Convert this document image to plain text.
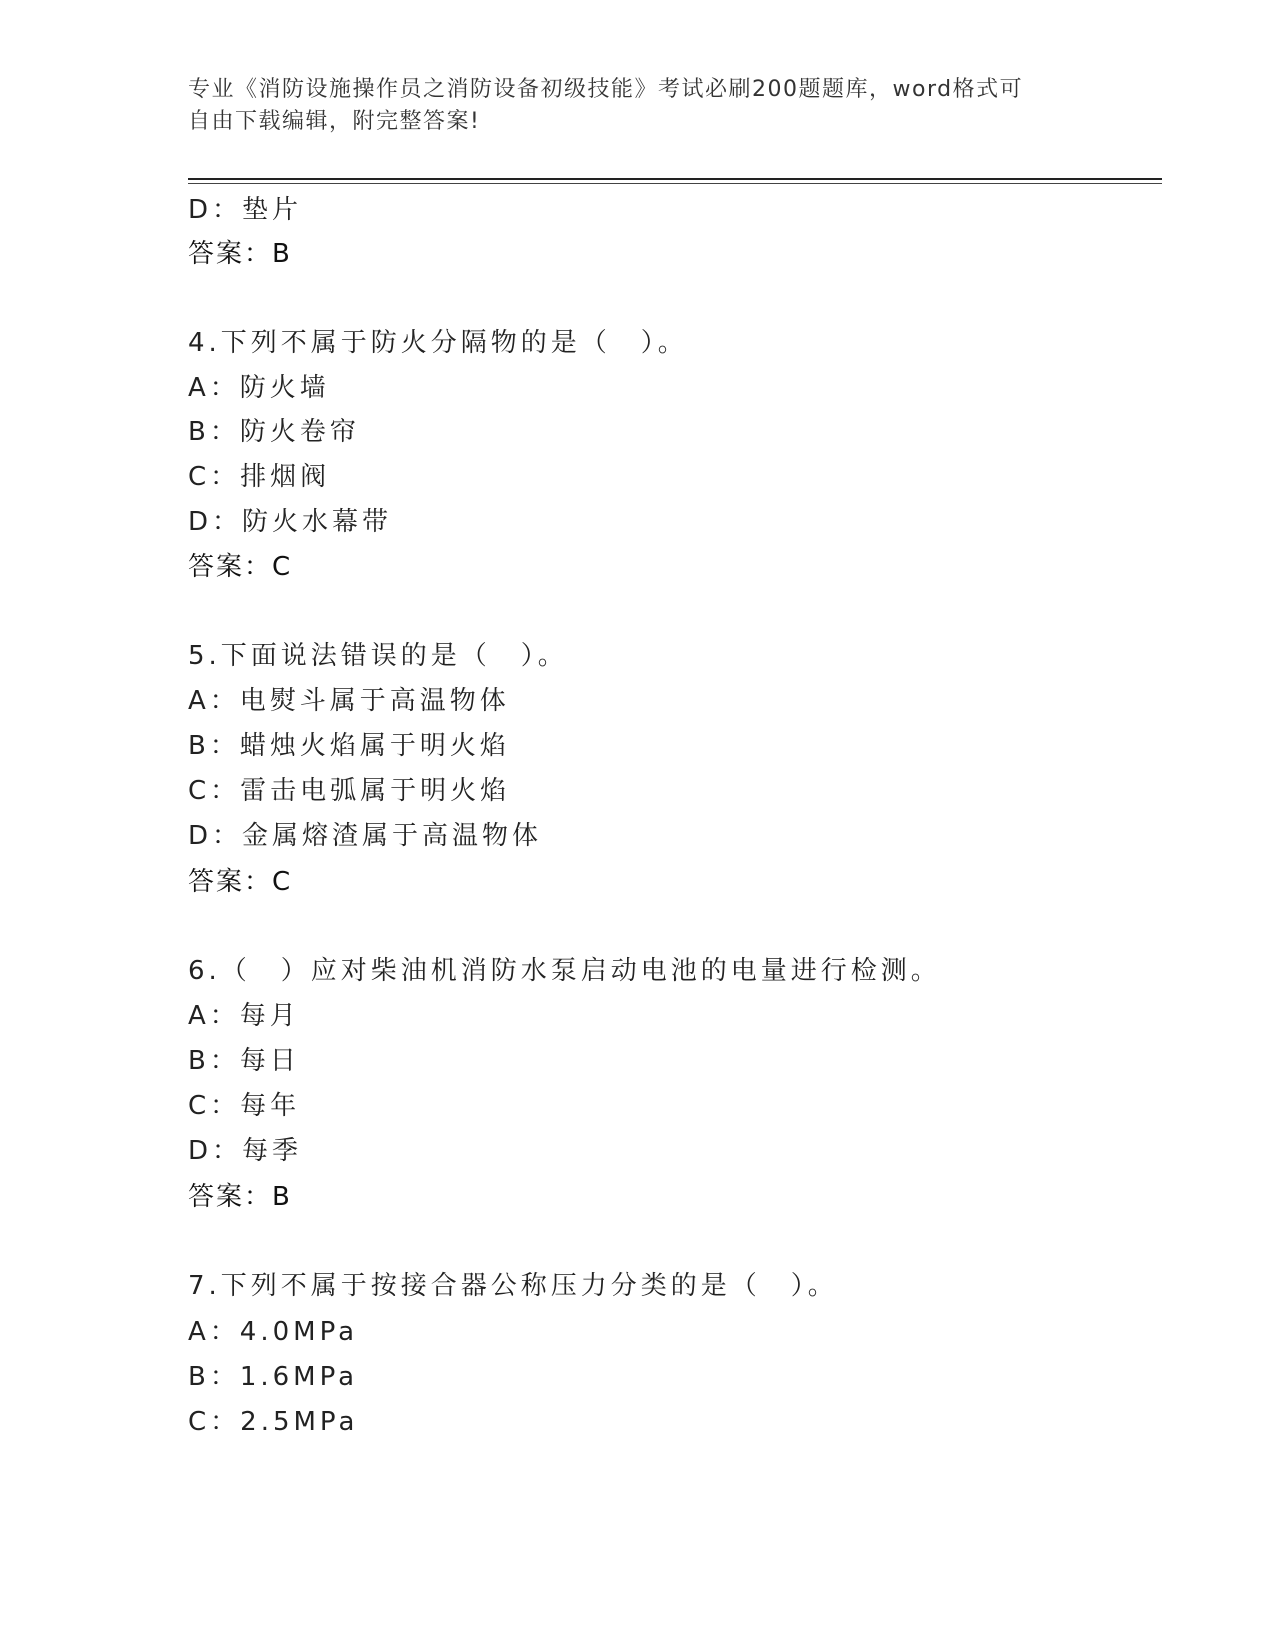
专业《消防设施操作员之消防设备初级技能》考试必刷200题题库，word格式可
自由下载编辑，附完整答案!
D：垫片
答案：B
4.下列不属于防火分隔物的是（　）。
A：防火墙
B：防火卷帘
C：排烟阀
D：防火水幕带
答案：C
5.下面说法错误的是（　）。
A：电熨斗属于高温物体
B：蜡烛火焰属于明火焰
C：雷击电弧属于明火焰
D：金属熔渣属于高温物体
答案：C
6.（　）应对柴油机消防水泵启动电池的电量进行检测。
A：每月
B：每日
C：每年
D：每季
答案：B
7.下列不属于按接合器公称压力分类的是（　）。
A：4.0MPa
B：1.6MPa
C：2.5MPa
